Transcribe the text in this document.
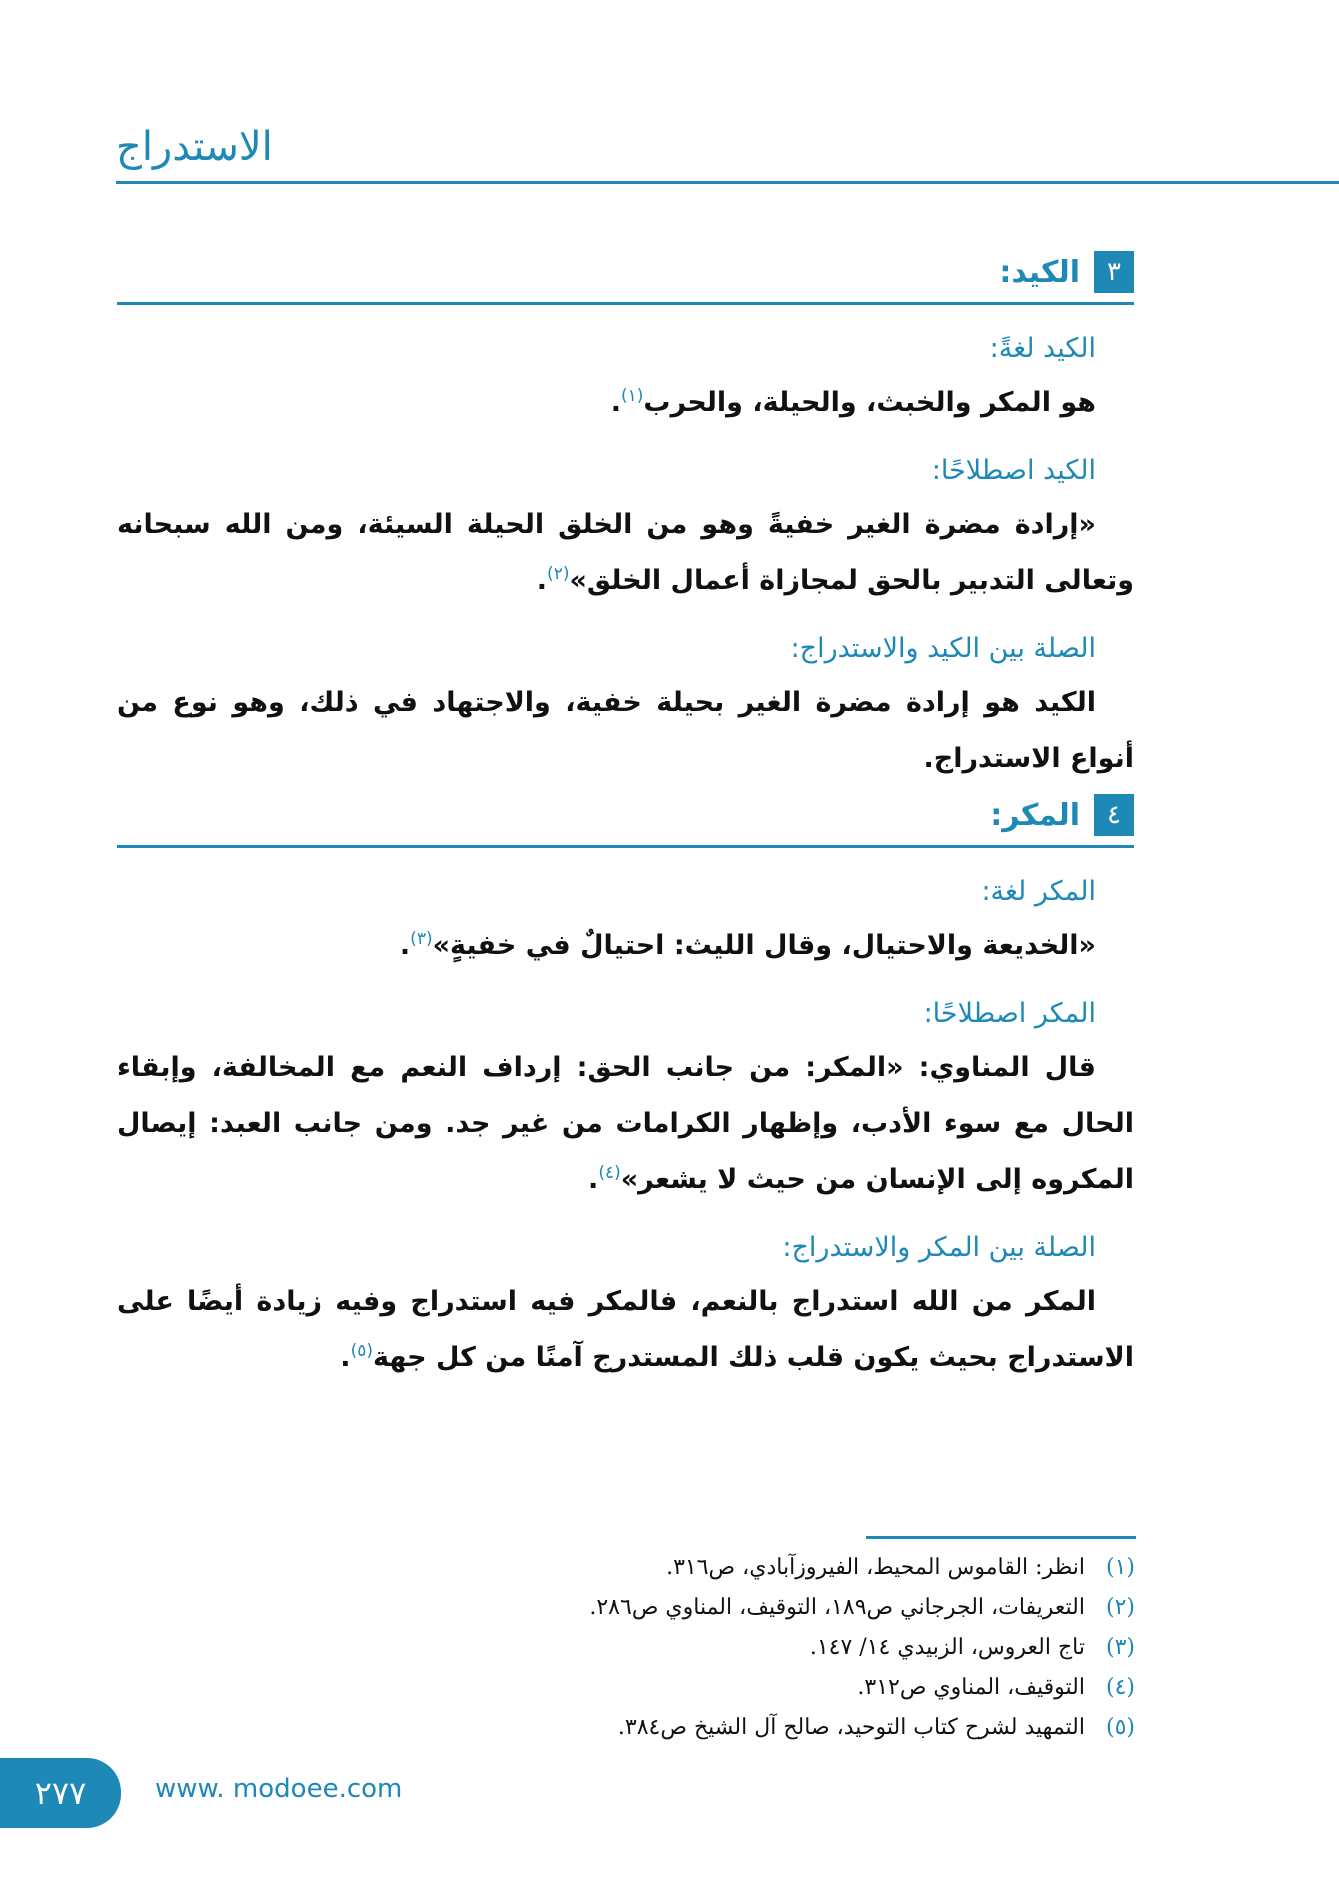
الاستدراج
٣
الكيد:
الكيد لغةً:
هو المكر والخبث، والحيلة، والحرب$^{(١)}$.
الكيد اصطلاحًا:
«إرادة مضرة الغير خفيةً وهو من الخلق الحيلة السيئة، ومن الله سبحانه وتعالى التدبير بالحق لمجازاة أعمال الخلق»$^{(٢)}$.
الصلة بين الكيد والاستدراج:
الكيد هو إرادة مضرة الغير بحيلة خفية، والاجتهاد في ذلك، وهو نوع من أنواع الاستدراج.
٤
المكر:
المكر لغة:
«الخديعة والاحتيال، وقال الليث: احتيالٌ في خفيةٍ»$^{(٣)}$.
المكر اصطلاحًا:
قال المناوي: «المكر: من جانب الحق: إرداف النعم مع المخالفة، وإبقاء الحال مع سوء الأدب، وإظهار الكرامات من غير جد. ومن جانب العبد: إيصال المكروه إلى الإنسان من حيث لا يشعر»$^{(٤)}$.
الصلة بين المكر والاستدراج:
المكر من الله استدراج بالنعم، فالمكر فيه استدراج وفيه زيادة أيضًا على الاستدراج بحيث يكون قلب ذلك المستدرج آمنًا من كل جهة$^{(٥)}$.
(١)
انظر: القاموس المحيط، الفيروزآبادي، ص٣١٦.
(٢)
التعريفات، الجرجاني ص١٨٩، التوقيف، المناوي ص٢٨٦.
(٣)
تاج العروس، الزبيدي ١٤/ ١٤٧.
(٤)
التوقيف، المناوي ص٣١٢.
(٥)
التمهيد لشرح كتاب التوحيد، صالح آل الشيخ ص٣٨٤.
٢٧٧	www. modoee.com
